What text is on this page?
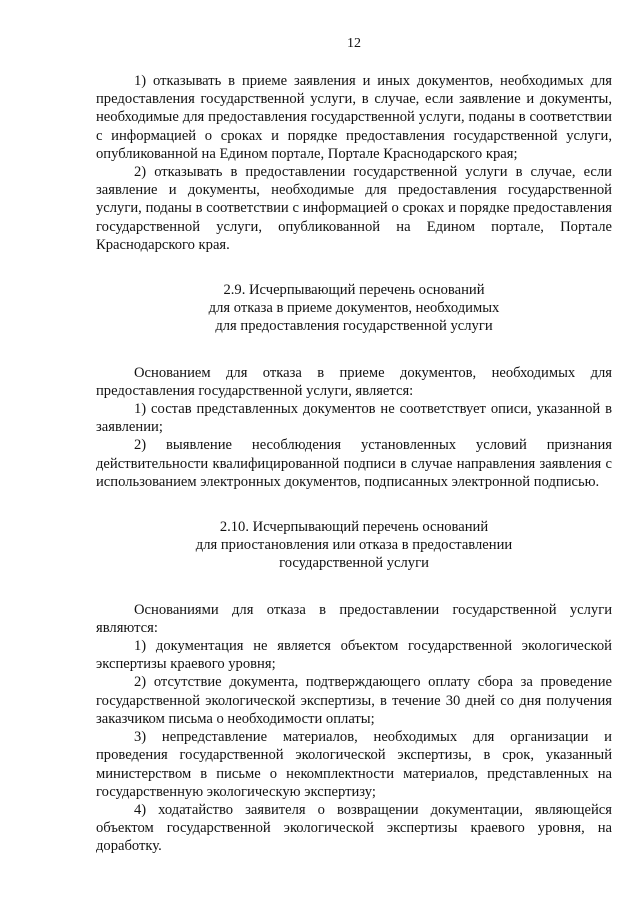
12

1) отказывать в приеме заявления и иных документов, необходимых для предоставления государственной услуги, в случае, если заявление и документы, необходимые для предоставления государственной услуги, поданы в соответствии с информацией о сроках и порядке предоставления государственной услуги, опубликованной на Едином портале, Портале Краснодарского края;

2) отказывать в предоставлении государственной услуги в случае, если заявление и документы, необходимые для предоставления государственной услуги, поданы в соответствии с информацией о сроках и порядке предоставления государственной услуги, опубликованной на Едином портале, Портале Краснодарского края.

2.9. Исчерпывающий перечень оснований
для отказа в приеме документов, необходимых
для предоставления государственной услуги

Основанием для отказа в приеме документов, необходимых для предоставления государственной услуги, является:

1) состав представленных документов не соответствует описи, указанной в заявлении;

2) выявление несоблюдения установленных условий признания действительности квалифицированной подписи в случае направления заявления с использованием электронных документов, подписанных электронной подписью.

2.10. Исчерпывающий перечень оснований
для приостановления или отказа в предоставлении
государственной услуги

Основаниями для отказа в предоставлении государственной услуги являются:

1) документация не является объектом государственной экологической экспертизы краевого уровня;

2) отсутствие документа, подтверждающего оплату сбора за проведение государственной экологической экспертизы, в течение 30 дней со дня получения заказчиком письма о необходимости оплаты;

3) непредставление материалов, необходимых для организации и проведения государственной экологической экспертизы, в срок, указанный министерством в письме о некомплектности материалов, представленных на государственную экологическую экспертизу;

4) ходатайство заявителя о возвращении документации, являющейся объектом государственной экологической экспертизы краевого уровня, на доработку.
